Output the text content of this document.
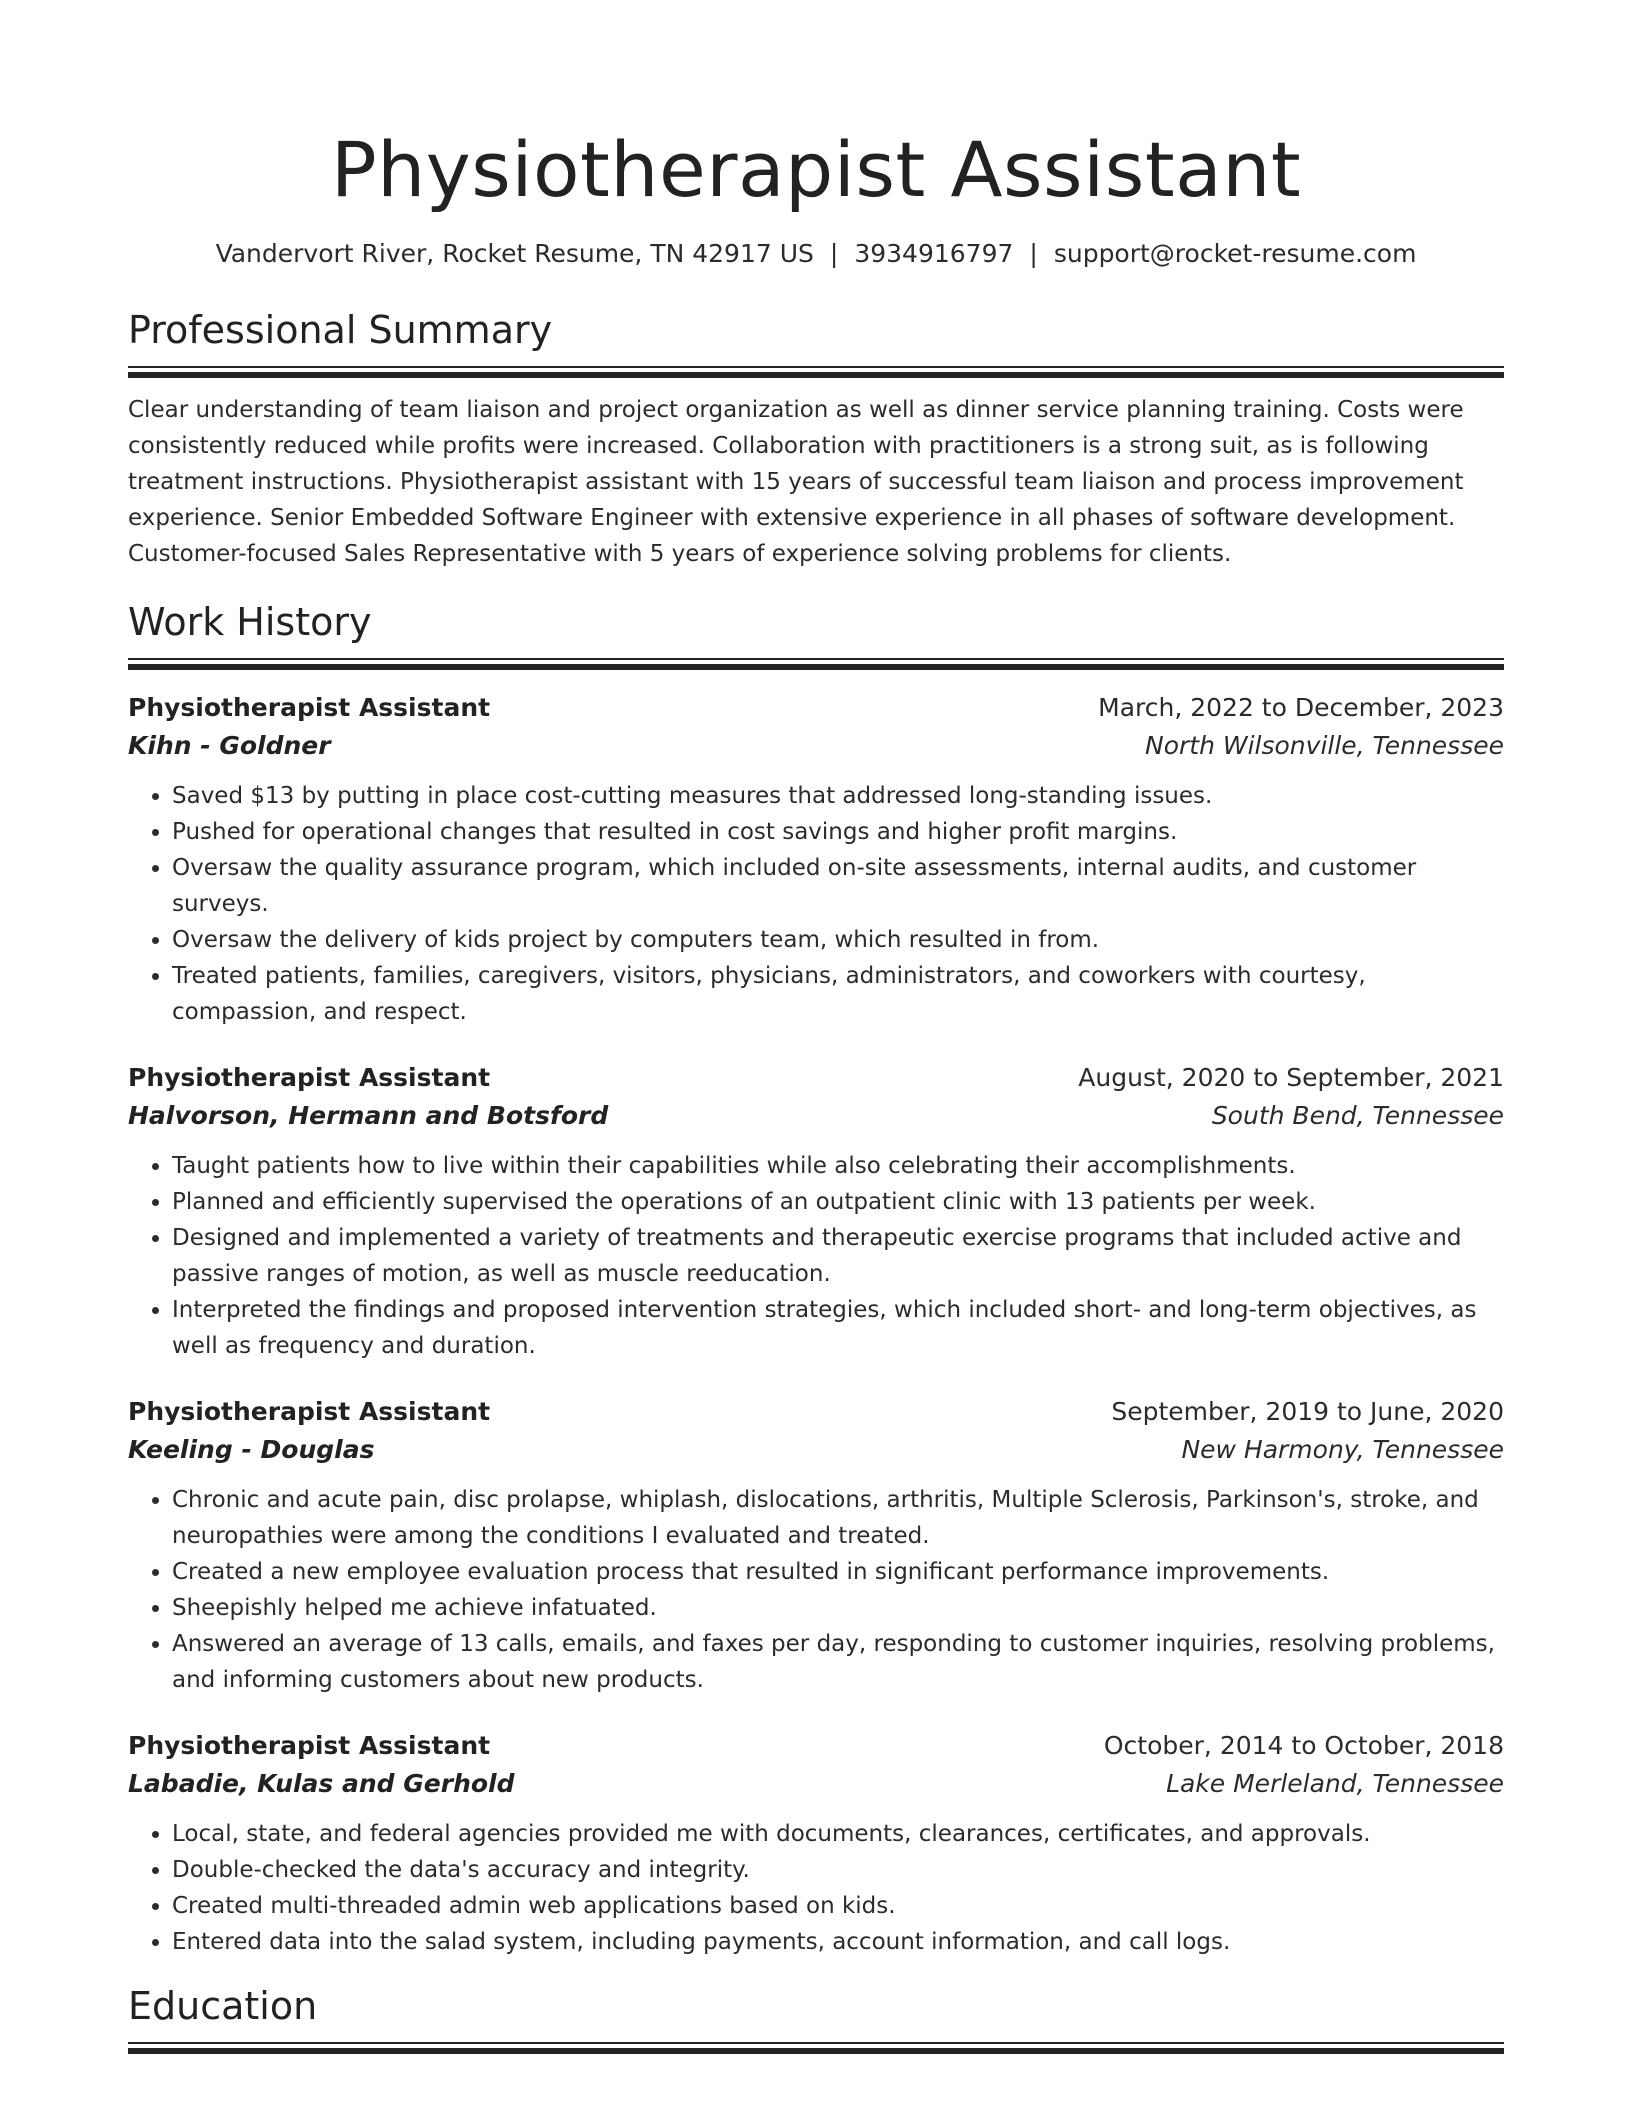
Physiotherapist Assistant
Vandervort River, Rocket Resume, TN 42917 US | 3934916797 | support@rocket-resume.com
Professional Summary
Clear understanding of team liaison and project organization as well as dinner service planning training. Costs were consistently reduced while profits were increased. Collaboration with practitioners is a strong suit, as is following treatment instructions. Physiotherapist assistant with 15 years of successful team liaison and process improvement experience. Senior Embedded Software Engineer with extensive experience in all phases of software development. Customer-focused Sales Representative with 5 years of experience solving problems for clients.
Work History
Physiotherapist Assistant	March, 2022 to December, 2023
Kihn - Goldner	North Wilsonville, Tennessee
• Saved $13 by putting in place cost-cutting measures that addressed long-standing issues.
• Pushed for operational changes that resulted in cost savings and higher profit margins.
• Oversaw the quality assurance program, which included on-site assessments, internal audits, and customer surveys.
• Oversaw the delivery of kids project by computers team, which resulted in from.
• Treated patients, families, caregivers, visitors, physicians, administrators, and coworkers with courtesy, compassion, and respect.
Physiotherapist Assistant	August, 2020 to September, 2021
Halvorson, Hermann and Botsford	South Bend, Tennessee
• Taught patients how to live within their capabilities while also celebrating their accomplishments.
• Planned and efficiently supervised the operations of an outpatient clinic with 13 patients per week.
• Designed and implemented a variety of treatments and therapeutic exercise programs that included active and passive ranges of motion, as well as muscle reeducation.
• Interpreted the findings and proposed intervention strategies, which included short- and long-term objectives, as well as frequency and duration.
Physiotherapist Assistant	September, 2019 to June, 2020
Keeling - Douglas	New Harmony, Tennessee
• Chronic and acute pain, disc prolapse, whiplash, dislocations, arthritis, Multiple Sclerosis, Parkinson's, stroke, and neuropathies were among the conditions I evaluated and treated.
• Created a new employee evaluation process that resulted in significant performance improvements.
• Sheepishly helped me achieve infatuated.
• Answered an average of 13 calls, emails, and faxes per day, responding to customer inquiries, resolving problems, and informing customers about new products.
Physiotherapist Assistant	October, 2014 to October, 2018
Labadie, Kulas and Gerhold	Lake Merleland, Tennessee
• Local, state, and federal agencies provided me with documents, clearances, certificates, and approvals.
• Double-checked the data's accuracy and integrity.
• Created multi-threaded admin web applications based on kids.
• Entered data into the salad system, including payments, account information, and call logs.
Education
